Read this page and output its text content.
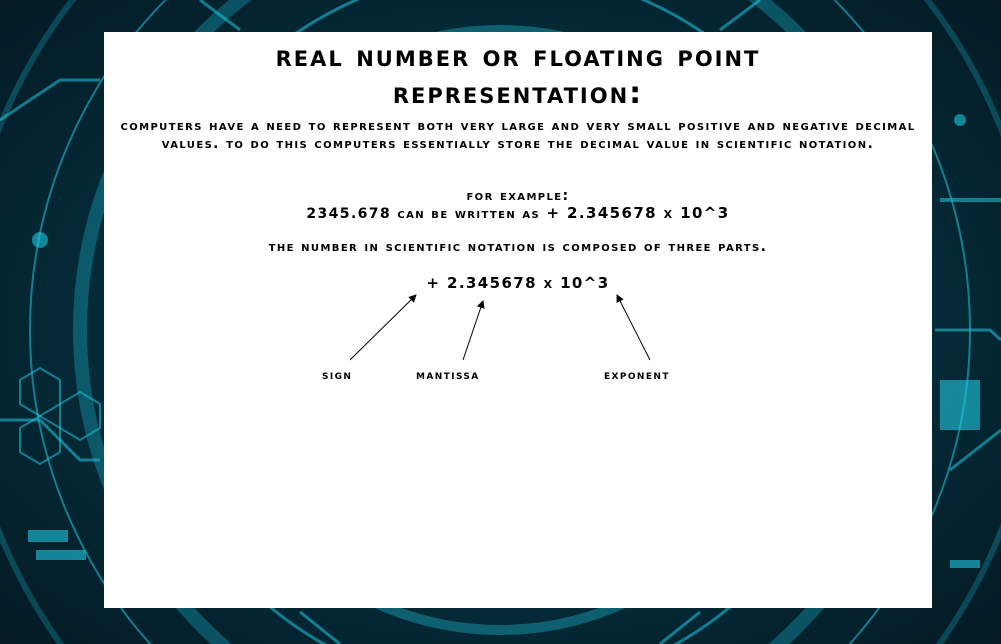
real number or floating point
representation:

computers have a need to represent both very large and very small positive and negative decimal values. to do this computers essentially store the decimal value in scientific notation.

for example:

2345.678 can be written as + 2.345678 x 10^3

the number in scientific notation is composed of three parts.

+ 2.345678 x 10^3

sign	mantissa	exponent
